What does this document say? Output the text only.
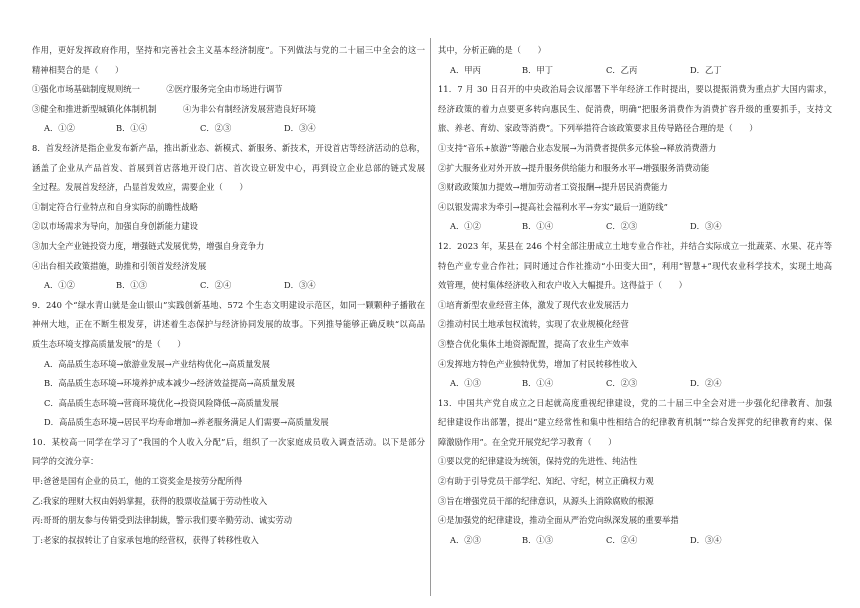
作用，更好发挥政府作用，坚持和完善社会主义基本经济制度”。下列做法与党的二十届三中全会的这一
精神相契合的是（　　）
①强化市场基础制度规则统一	②医疗服务完全由市场进行调节
③健全和推进新型城镇化体制机制	④为非公有制经济发展营造良好环境
A．①②	B．①④	C．②③	D．③④
8．首发经济是指企业发布新产品，推出新业态、新模式、新服务、新技术，开设首店等经济活动的总称，
涵盖了企业从产品首发、首展到首店落地开设门店、首次设立研发中心，再到设立企业总部的链式发展
全过程。发展首发经济，凸显首发效应，需要企业（　　）
①制定符合行业特点和自身实际的前瞻性战略
②以市场需求为导向，加强自身创新能力建设
③加大全产业链投资力度，增强链式发展优势，增强自身竞争力
④出台相关政策措施，助推和引领首发经济发展
A．①②	B．①③	C．②④	D．③④
9．240 个“绿水青山就是金山银山”实践创新基地、572 个生态文明建设示范区，如同一颗颗种子播散在
神州大地，正在不断生根发芽，讲述着生态保护与经济协同发展的故事。下列推导能够正确反映“以高品
质生态环境支撑高质量发展”的是（　　）
A．高品质生态环境→旅游业发展→产业结构优化→高质量发展
B．高品质生态环境→环境养护成本减少→经济效益提高→高质量发展
C．高品质生态环境→营商环境优化→投资风险降低→高质量发展
D．高品质生态环境→居民平均寿命增加→养老服务满足人们需要→高质量发展
10．某校高一同学在学习了“我国的个人收入分配”后，组织了一次家庭成员收入调查活动。以下是部分
同学的交流分享：
甲:爸爸是国有企业的员工，他的工资奖金是按劳分配所得
乙:我家的理财大权由妈妈掌握，获得的股票收益属于劳动性收入
丙:哥哥的朋友参与传销受到法律制裁，警示我们要辛勤劳动、诚实劳动
丁:老家的叔叔转让了自家承包地的经营权，获得了转移性收入
其中，分析正确的是（　　）
A．甲丙	B．甲丁	C．乙丙	D．乙丁
11．7 月 30 日召开的中央政治局会议部署下半年经济工作时提出，要以提振消费为重点扩大国内需求，
经济政策的着力点要更多转向惠民生、促消费，明确“把服务消费作为消费扩容升级的重要抓手，支持文
旅、养老、育幼、家政等消费”。下列举措符合该政策要求且传导路径合理的是（　　）
①支持“音乐+旅游”等融合业态发展→为消费者提供多元体验→释放消费潜力
②扩大服务业对外开放→提升服务供给能力和服务水平→增强服务消费动能
③财政政策加力提效→增加劳动者工资报酬→提升居民消费能力
④以银发需求为牵引→提高社会福利水平→夯实“最后一道防线”
A．①②	B．①④	C．②③	D．③④
12．2023 年，某县在 246 个村全部注册成立土地专业合作社，并结合实际成立一批蔬菜、水果、花卉等
特色产业专业合作社；同时通过合作社推动“小田变大田”，利用“智慧+”现代农业科学技术，实现土地高
效管理，使村集体经济收入和农户收入大幅提升。这得益于（　　）
①培育新型农业经营主体，激发了现代农业发展活力
②推动村民土地承包权流转，实现了农业规模化经营
③整合优化集体土地资源配置，提高了农业生产效率
④发挥地方特色产业独特优势，增加了村民转移性收入
A．①③	B．①④	C．②③	D．②④
13．中国共产党自成立之日起就高度重视纪律建设，党的二十届三中全会对进一步强化纪律教育、加强
纪律建设作出部署，提出“建立经常性和集中性相结合的纪律教育机制”“综合发挥党的纪律教育约束、保
障激励作用”。在全党开展党纪学习教育（　　）
①要以党的纪律建设为统领，保持党的先进性、纯洁性
②有助于引导党员干部学纪、知纪、守纪，树立正确权力观
③旨在增强党员干部的纪律意识，从源头上消除腐败的根源
④是加强党的纪律建设，推动全面从严治党向纵深发展的重要举措
A．②③	B．①③	C．②④	D．③④
